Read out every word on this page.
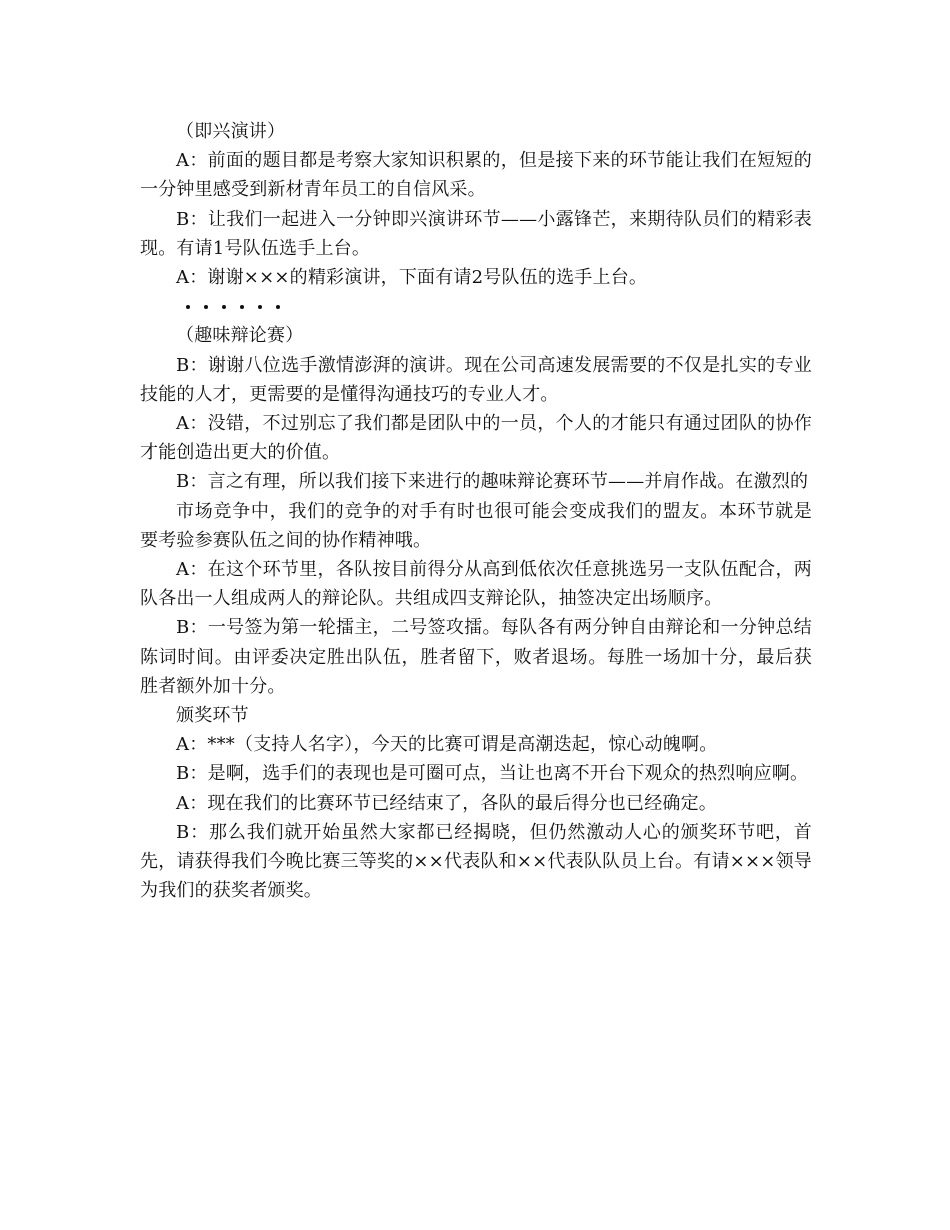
（即兴演讲）

A：前面的题目都是考察大家知识积累的，但是接下来的环节能让我们在短短的一分钟里感受到新材青年员工的自信风采。

B：让我们一起进入一分钟即兴演讲环节——小露锋芒，来期待队员们的精彩表现。有请1号队伍选手上台。

A：谢谢×××的精彩演讲，下面有请2号队伍的选手上台。

（趣味辩论赛）

B：谢谢八位选手激情澎湃的演讲。现在公司高速发展需要的不仅是扎实的专业技能的人才，更需要的是懂得沟通技巧的专业人才。

A：没错，不过别忘了我们都是团队中的一员，个人的才能只有通过团队的协作才能创造出更大的价值。

B：言之有理，所以我们接下来进行的趣味辩论赛环节——并肩作战。在激烈的

市场竞争中，我们的竞争的对手有时也很可能会变成我们的盟友。本环节就是要考验参赛队伍之间的协作精神哦。

A：在这个环节里，各队按目前得分从高到低依次任意挑选另一支队伍配合，两队各出一人组成两人的辩论队。共组成四支辩论队，抽签决定出场顺序。

B：一号签为第一轮擂主，二号签攻擂。每队各有两分钟自由辩论和一分钟总结陈词时间。由评委决定胜出队伍，胜者留下，败者退场。每胜一场加十分，最后获胜者额外加十分。

颁奖环节

A：***（支持人名字），今天的比赛可谓是高潮迭起，惊心动魄啊。

B：是啊，选手们的表现也是可圈可点，当让也离不开台下观众的热烈响应啊。

A：现在我们的比赛环节已经结束了，各队的最后得分也已经确定。

B：那么我们就开始虽然大家都已经揭晓，但仍然激动人心的颁奖环节吧，首先，请获得我们今晚比赛三等奖的××代表队和××代表队队员上台。有请×××领导为我们的获奖者颁奖。
